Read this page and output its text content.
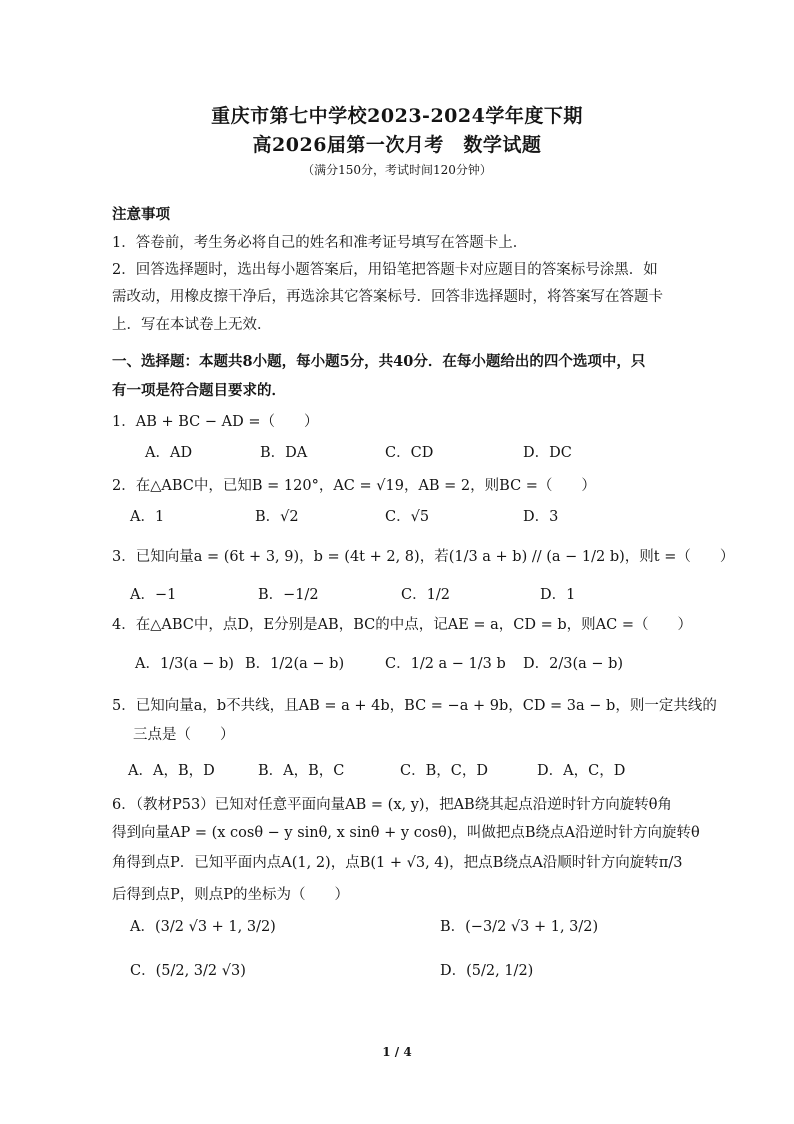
重庆市第七中学校2023-2024学年度下期
高2026届第一次月考　数学试题
（满分150分，考试时间120分钟）
注意事项
1．答卷前，考生务必将自己的姓名和准考证号填写在答题卡上．
2．回答选择题时，选出每小题答案后，用铅笔把答题卡对应题目的答案标号涂黑．如
需改动，用橡皮擦干净后，再选涂其它答案标号．回答非选择题时，将答案写在答题卡
上．写在本试卷上无效．
一、选择题：本题共8小题，每小题5分，共40分．在每小题给出的四个选项中，只
有一项是符合题目要求的．
1．AB + BC − AD =（　　）
A．AD	B．DA	C．CD	D．DC
2．在△ABC中，已知B = 120°，AC = √19，AB = 2，则BC =（　　）
A．1	B．√2	C．√5	D．3
3．已知向量a = (6t + 3, 9)，b = (4t + 2, 8)，若(1/3 a + b) // (a − 1/2 b)，则t =（　　）
A．−1	B．−1/2	C．1/2	D．1
4．在△ABC中，点D，E分别是AB，BC的中点，记AE = a，CD = b，则AC =（　　）
A．1/3(a − b) B．1/2(a − b)	C．1/2 a − 1/3 b D．2/3(a − b)
5．已知向量a，b不共线，且AB = a + 4b，BC = −a + 9b，CD = 3a − b，则一定共线的
三点是（　　）
A．A，B，D	B．A，B，C	C．B，C，D	D．A，C，D
6．（教材P53）已知对任意平面向量AB = (x, y)，把AB绕其起点沿逆时针方向旋转θ角
得到向量AP = (x cosθ − y sinθ, x sinθ + y cosθ)，叫做把点B绕点A沿逆时针方向旋转θ
角得到点P．已知平面内点A(1, 2)，点B(1 + √3, 4)，把点B绕点A沿顺时针方向旋转π/3
后得到点P，则点P的坐标为（　　）
A．(3/2 √3 + 1, 3/2)	B．(−3/2 √3 + 1, 3/2)
C．(5/2, 3/2 √3)	D．(5/2, 1/2)
1 / 4
